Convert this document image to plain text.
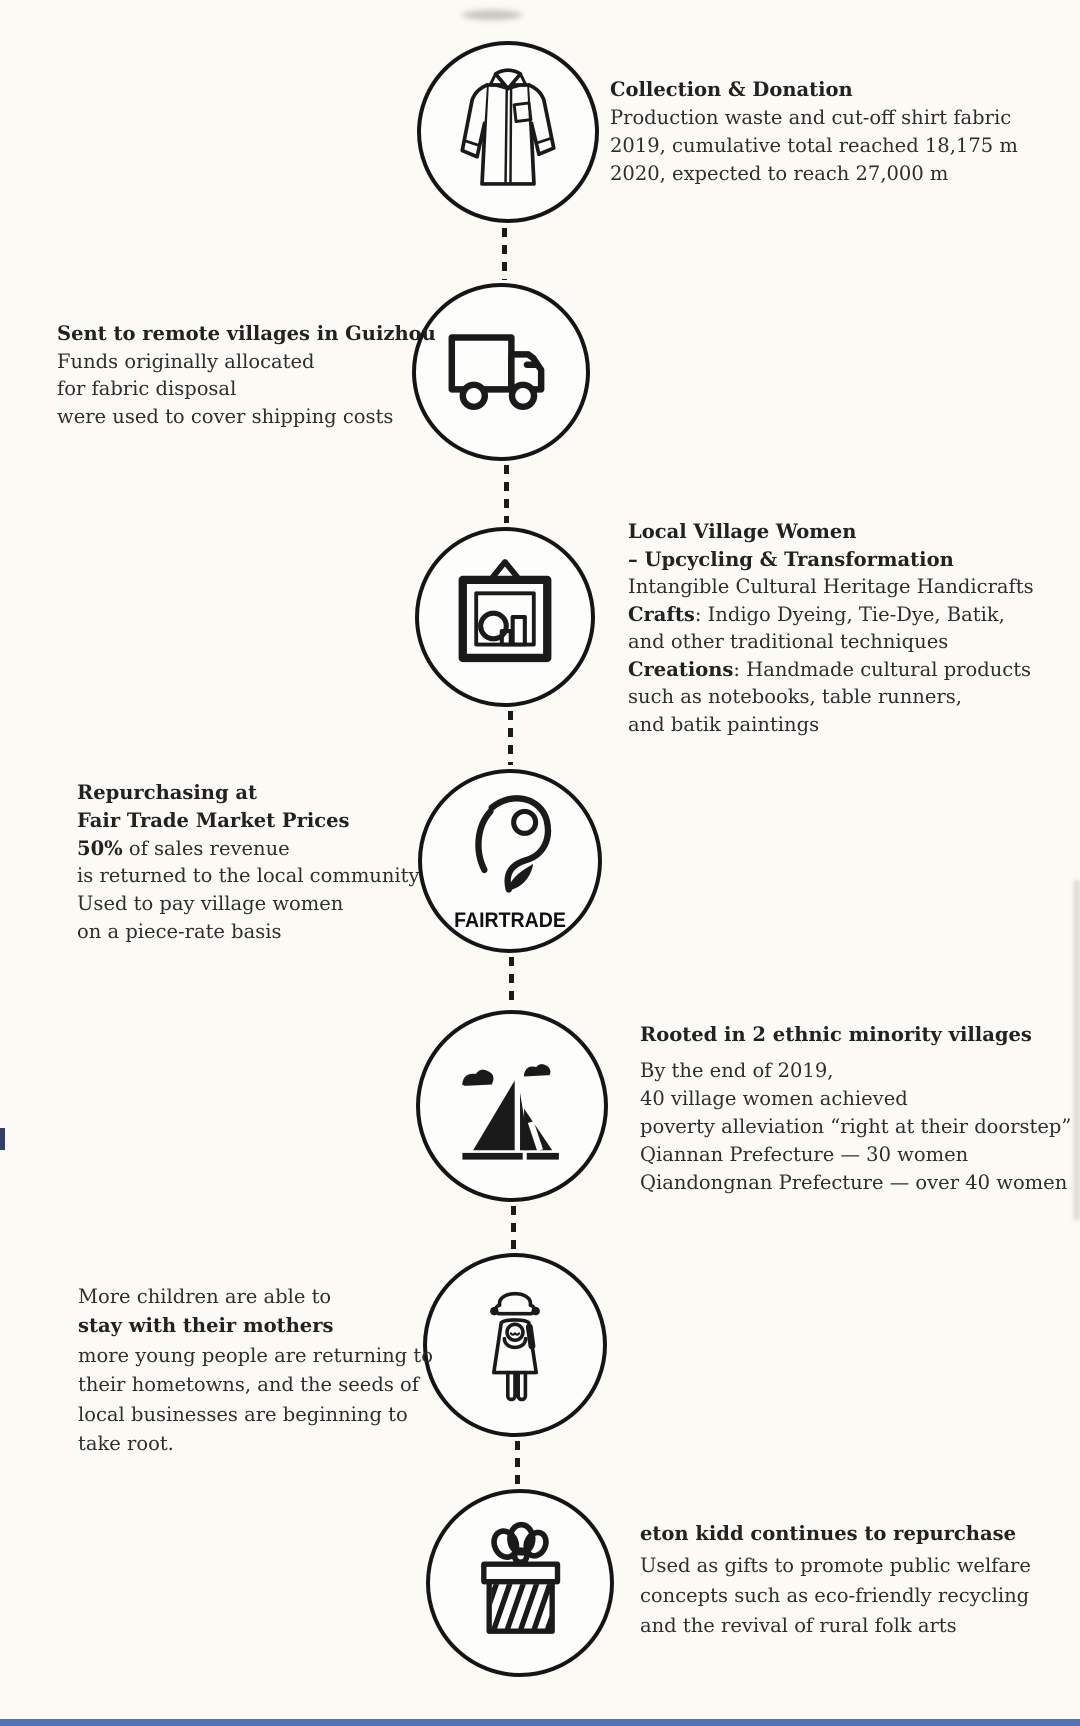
Collection & Donation
Production waste and cut-off shirt fabric
2019, cumulative total reached 18,175 m
2020, expected to reach 27,000 m
Sent to remote villages in Guizhou
Funds originally allocated
for fabric disposal
were used to cover shipping costs
Local Village Women
– Upcycling & Transformation
Intangible Cultural Heritage Handicrafts
Crafts: Indigo Dyeing, Tie-Dye, Batik,
and other traditional techniques
Creations: Handmade cultural products
such as notebooks, table runners,
and batik paintings
FAIRTRADE
Repurchasing at
Fair Trade Market Prices
50% of sales revenue
is returned to the local community
Used to pay village women
on a piece-rate basis
Rooted in 2 ethnic minority villages
By the end of 2019,
40 village women achieved
poverty alleviation “right at their doorstep”
Qiannan Prefecture — 30 women
Qiandongnan Prefecture — over 40 women
More children are able to
stay with their mothers
more young people are returning to
their hometowns, and the seeds of
local businesses are beginning to
take root.
eton kidd continues to repurchase
Used as gifts to promote public welfare
concepts such as eco-friendly recycling
and the revival of rural folk arts
